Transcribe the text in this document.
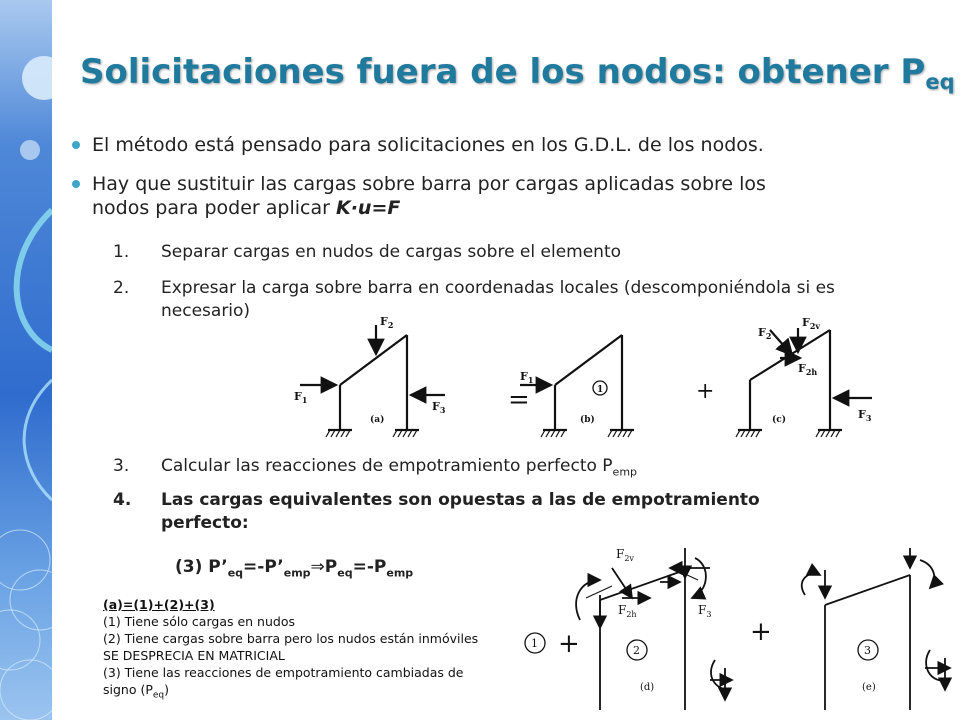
Solicitaciones fuera de los nodos: obtener $P_{eq}$
El método está pensado para solicitaciones en los G.D.L. de los nodos.
Hay que sustituir las cargas sobre barra por cargas aplicadas sobre los
nodos para poder aplicar K·u=F
1. Separar cargas en nudos de cargas sobre el elemento
2. Expresar la carga sobre barra en coordenadas locales (descomponiéndola si es
necesario)
3. Calcular las reacciones de empotramiento perfecto $P_{emp}$
4. Las cargas equivalentes son opuestas a las de empotramiento
perfecto:
(3) $P’_{eq}=-P’_{emp}\Rightarrow P_{eq}=-P_{emp}$
$F_1$
$F_2$
$F_3$
(a)
$F_1$
1
(b)
$F_2$
$F_{2v}$
$F_{2h}$
$F_3$
(c)
=	+
$F_{2v}$
$F_{2h}$	$F_3$
1
2	3
(d)	(e)
+	+
(a)=(1)+(2)+(3)
(1) Tiene sólo cargas en nudos
(2) Tiene cargas sobre barra pero los nudos están inmóviles
SE DESPRECIA EN MATRICIAL
(3) Tiene las reacciones de empotramiento cambiadas de
signo $(P_{eq})$
